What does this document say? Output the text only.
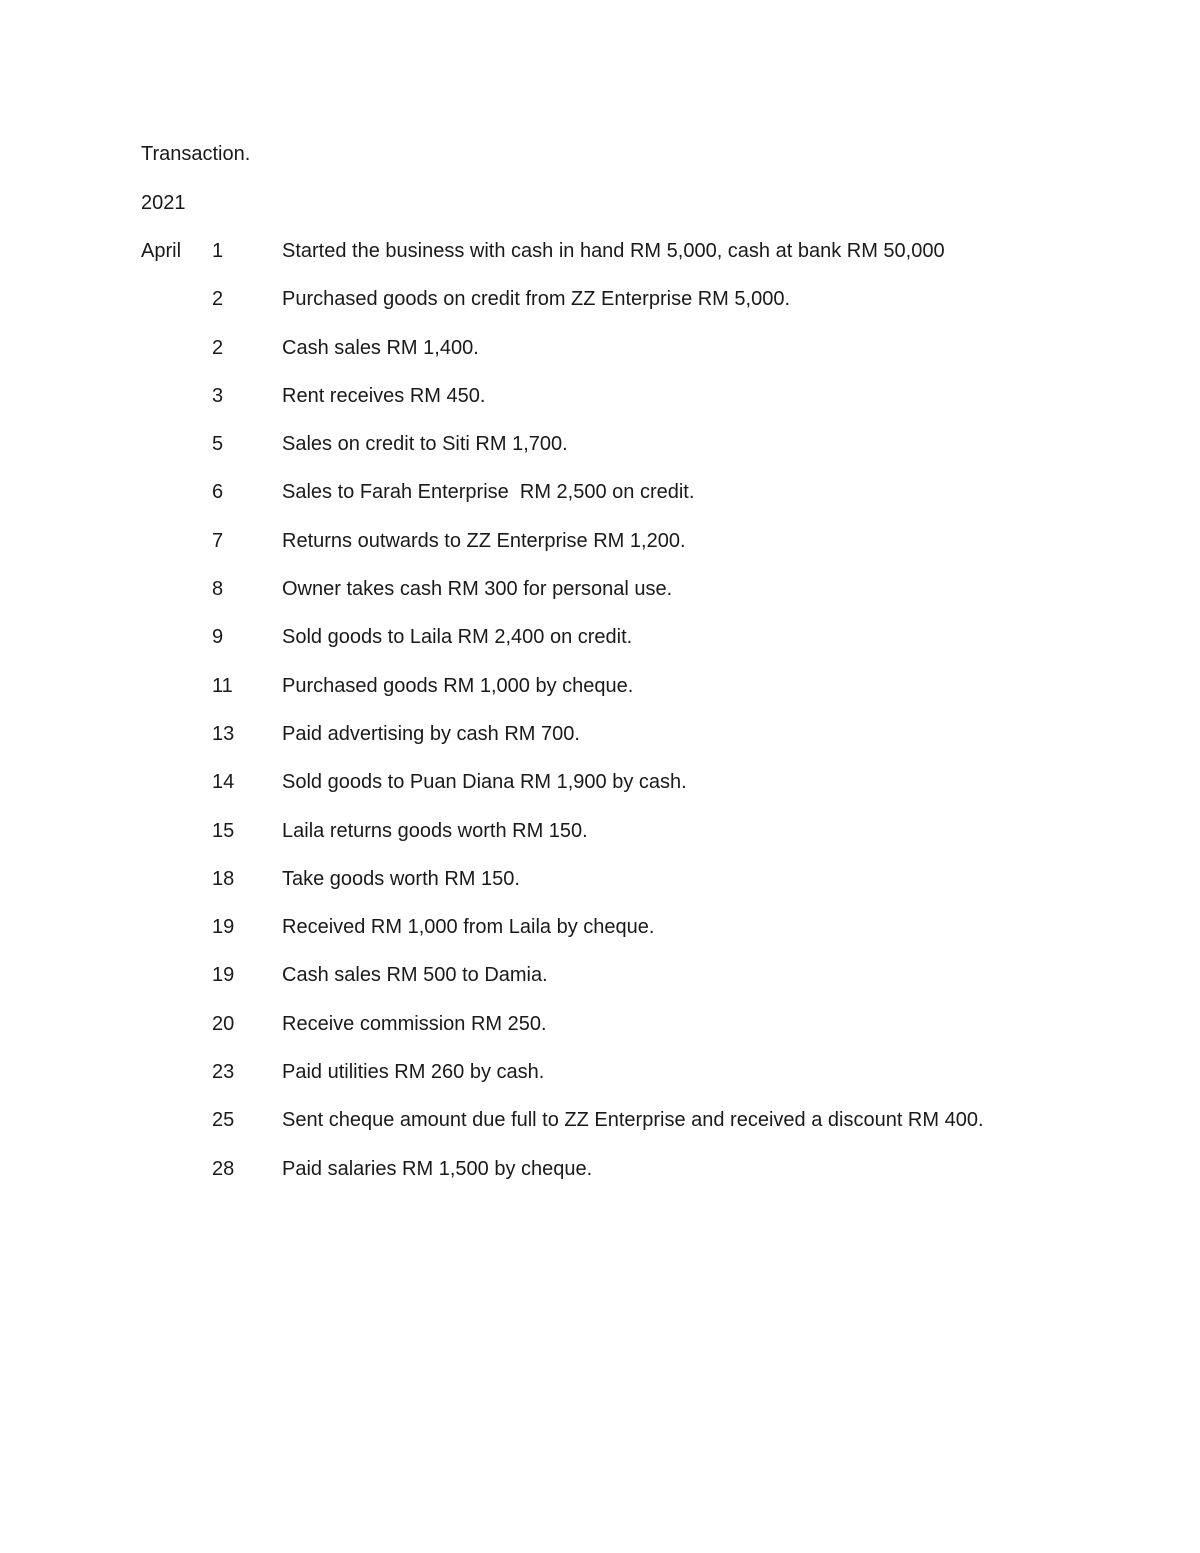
Transaction.
2021
April 1	Started the business with cash in hand RM 5,000, cash at bank RM 50,000
2	Purchased goods on credit from ZZ Enterprise RM 5,000.
2	Cash sales RM 1,400.
3	Rent receives RM 450.
5	Sales on credit to Siti RM 1,700.
6	Sales to Farah Enterprise  RM 2,500 on credit.
7	Returns outwards to ZZ Enterprise RM 1,200.
8	Owner takes cash RM 300 for personal use.
9	Sold goods to Laila RM 2,400 on credit.
11 Purchased goods RM 1,000 by cheque.
13 Paid advertising by cash RM 700.
14 Sold goods to Puan Diana RM 1,900 by cash.
15 Laila returns goods worth RM 150.
18 Take goods worth RM 150.
19 Received RM 1,000 from Laila by cheque.
19 Cash sales RM 500 to Damia.
20 Receive commission RM 250.
23 Paid utilities RM 260 by cash.
25 Sent cheque amount due full to ZZ Enterprise and received a discount RM 400.
28 Paid salaries RM 1,500 by cheque.
